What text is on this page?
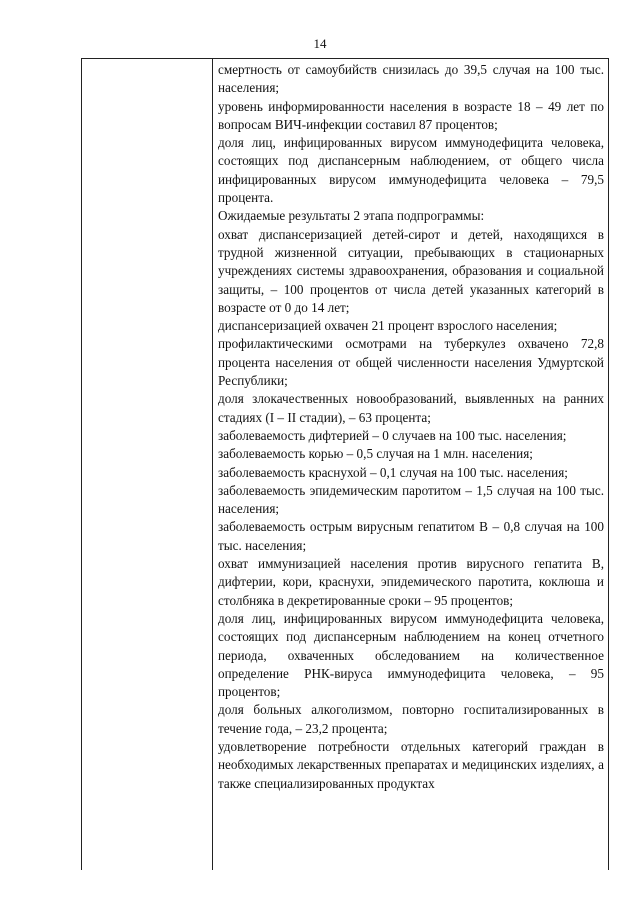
14

смертность от самоубийств снизилась до 39,5 случая на 100 тыс. населения;

уровень информированности населения в возрасте 18 – 49 лет по вопросам ВИЧ-инфекции составил 87 процентов;

доля лиц, инфицированных вирусом иммунодефицита человека, состоящих под диспансерным наблюдением, от общего числа инфицированных вирусом иммунодефицита человека – 79,5 процента.

Ожидаемые результаты 2 этапа подпрограммы:

охват диспансеризацией детей-сирот и детей, находящихся в трудной жизненной ситуации, пребывающих в стационарных учреждениях системы здравоохранения, образования и социальной защиты, – 100 процентов от числа детей указанных категорий в возрасте от 0 до 14 лет;

диспансеризацией охвачен 21 процент взрослого населения;

профилактическими осмотрами на туберкулез охвачено 72,8 процента населения от общей численности населения Удмуртской Республики;

доля злокачественных новообразований, выявленных на ранних стадиях (I – II стадии), – 63 процента;

заболеваемость дифтерией – 0 случаев на 100 тыс. населения;

заболеваемость корью – 0,5 случая на 1 млн. населения;

заболеваемость краснухой – 0,1 случая на 100 тыс. населения;

заболеваемость эпидемическим паротитом – 1,5 случая на 100 тыс. населения;

заболеваемость острым вирусным гепатитом В – 0,8 случая на 100 тыс. населения;

охват иммунизацией населения против вирусного гепатита В, дифтерии, кори, краснухи, эпидемического паротита, коклюша и столбняка в декретированные сроки – 95 процентов;

доля лиц, инфицированных вирусом иммунодефицита человека, состоящих под диспансерным наблюдением на конец отчетного периода, охваченных обследованием на количественное определение РНК-вируса иммунодефицита человека, – 95 процентов;

доля больных алкоголизмом, повторно госпитализированных в течение года, – 23,2 процента;

удовлетворение потребности отдельных категорий граждан в необходимых лекарственных препаратах и медицинских изделиях, а также специализированных продуктах
